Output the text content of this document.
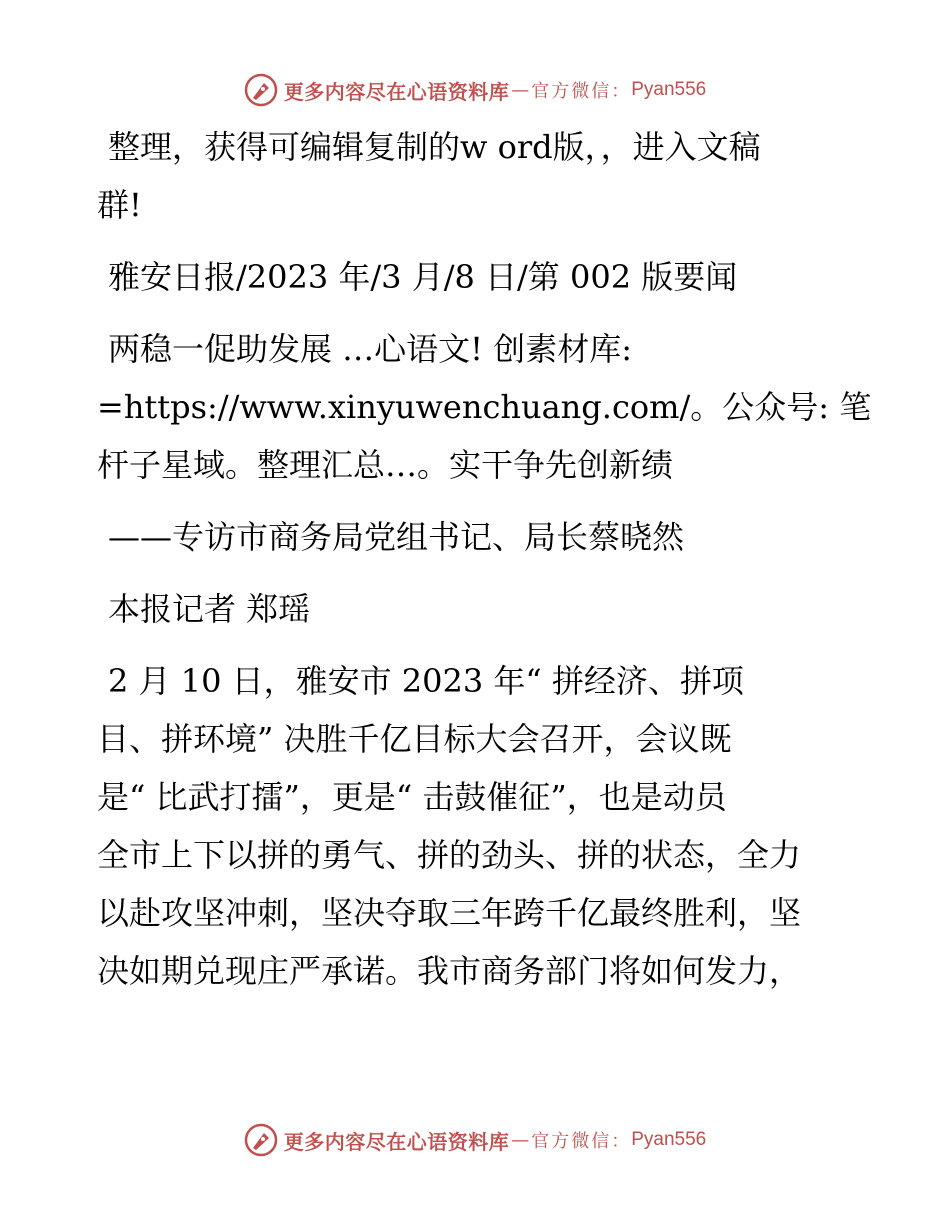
更多内容尽在心语资料库 — 官方微信： Pyan556

整理，获得可编辑复制的w ord版，，进入文稿
群!

雅安日报/2023 年/3 月/8 日/第 002 版要闻

两稳一促助发展 …心语文! 创素材库:
=https://www.xinyuwenchuang.com/。公众号: 笔
杆子星域。整理汇总…。实干争先创新绩

——专访市商务局党组书记、局长蔡晓然

本报记者 郑瑶

2 月 10 日，雅安市 2023 年“ 拼经济、拼项
目、拼环境” 决胜千亿目标大会召开，会议既
是“ 比武打擂”，更是“ 击鼓催征”，也是动员
全市上下以拼的勇气、拼的劲头、拼的状态，全力
以赴攻坚冲刺，坚决夺取三年跨千亿最终胜利，坚
决如期兑现庄严承诺。我市商务部门将如何发力，

更多内容尽在心语资料库 — 官方微信： Pyan556
